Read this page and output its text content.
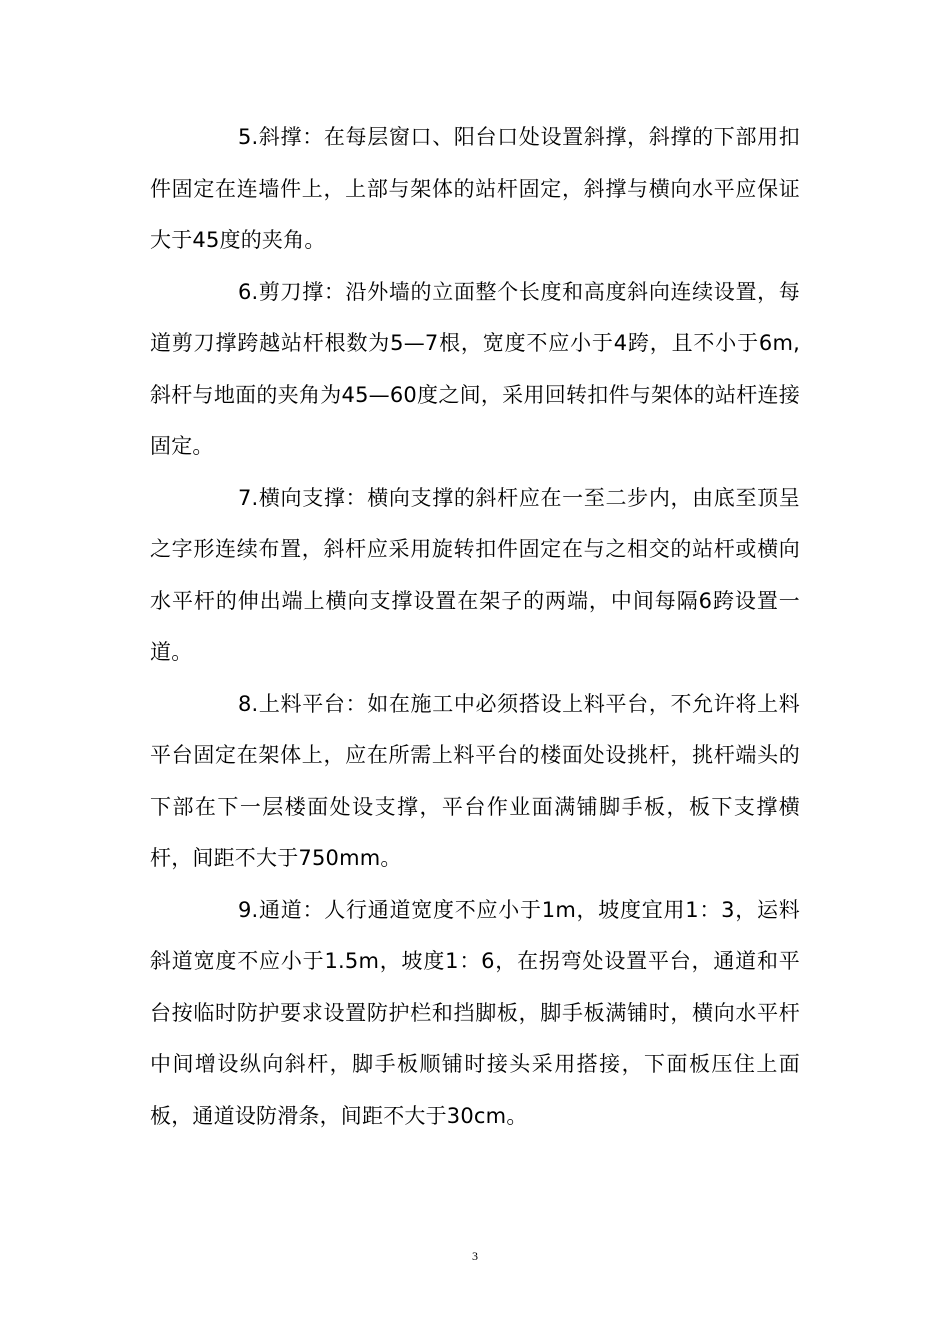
5.斜撑：在每层窗口、阳台口处设置斜撑，斜撑的下部用扣件固定在连墙件上，上部与架体的站杆固定，斜撑与横向水平应保证大于45度的夹角。

6.剪刀撑：沿外墙的立面整个长度和高度斜向连续设置，每道剪刀撑跨越站杆根数为5—7根，宽度不应小于4跨，且不小于6m,斜杆与地面的夹角为45—60度之间，采用回转扣件与架体的站杆连接固定。

7.横向支撑：横向支撑的斜杆应在一至二步内，由底至顶呈之字形连续布置，斜杆应采用旋转扣件固定在与之相交的站杆或横向水平杆的伸出端上横向支撑设置在架子的两端，中间每隔6跨设置一道。

8.上料平台：如在施工中必须搭设上料平台，不允许将上料平台固定在架体上，应在所需上料平台的楼面处设挑杆，挑杆端头的下部在下一层楼面处设支撑，平台作业面满铺脚手板，板下支撑横杆，间距不大于750mm。

9.通道：人行通道宽度不应小于1m，坡度宜用1：3，运料斜道宽度不应小于1.5m，坡度1：6，在拐弯处设置平台，通道和平台按临时防护要求设置防护栏和挡脚板，脚手板满铺时，横向水平杆中间增设纵向斜杆，脚手板顺铺时接头采用搭接，下面板压住上面板，通道设防滑条，间距不大于30cm。

3
